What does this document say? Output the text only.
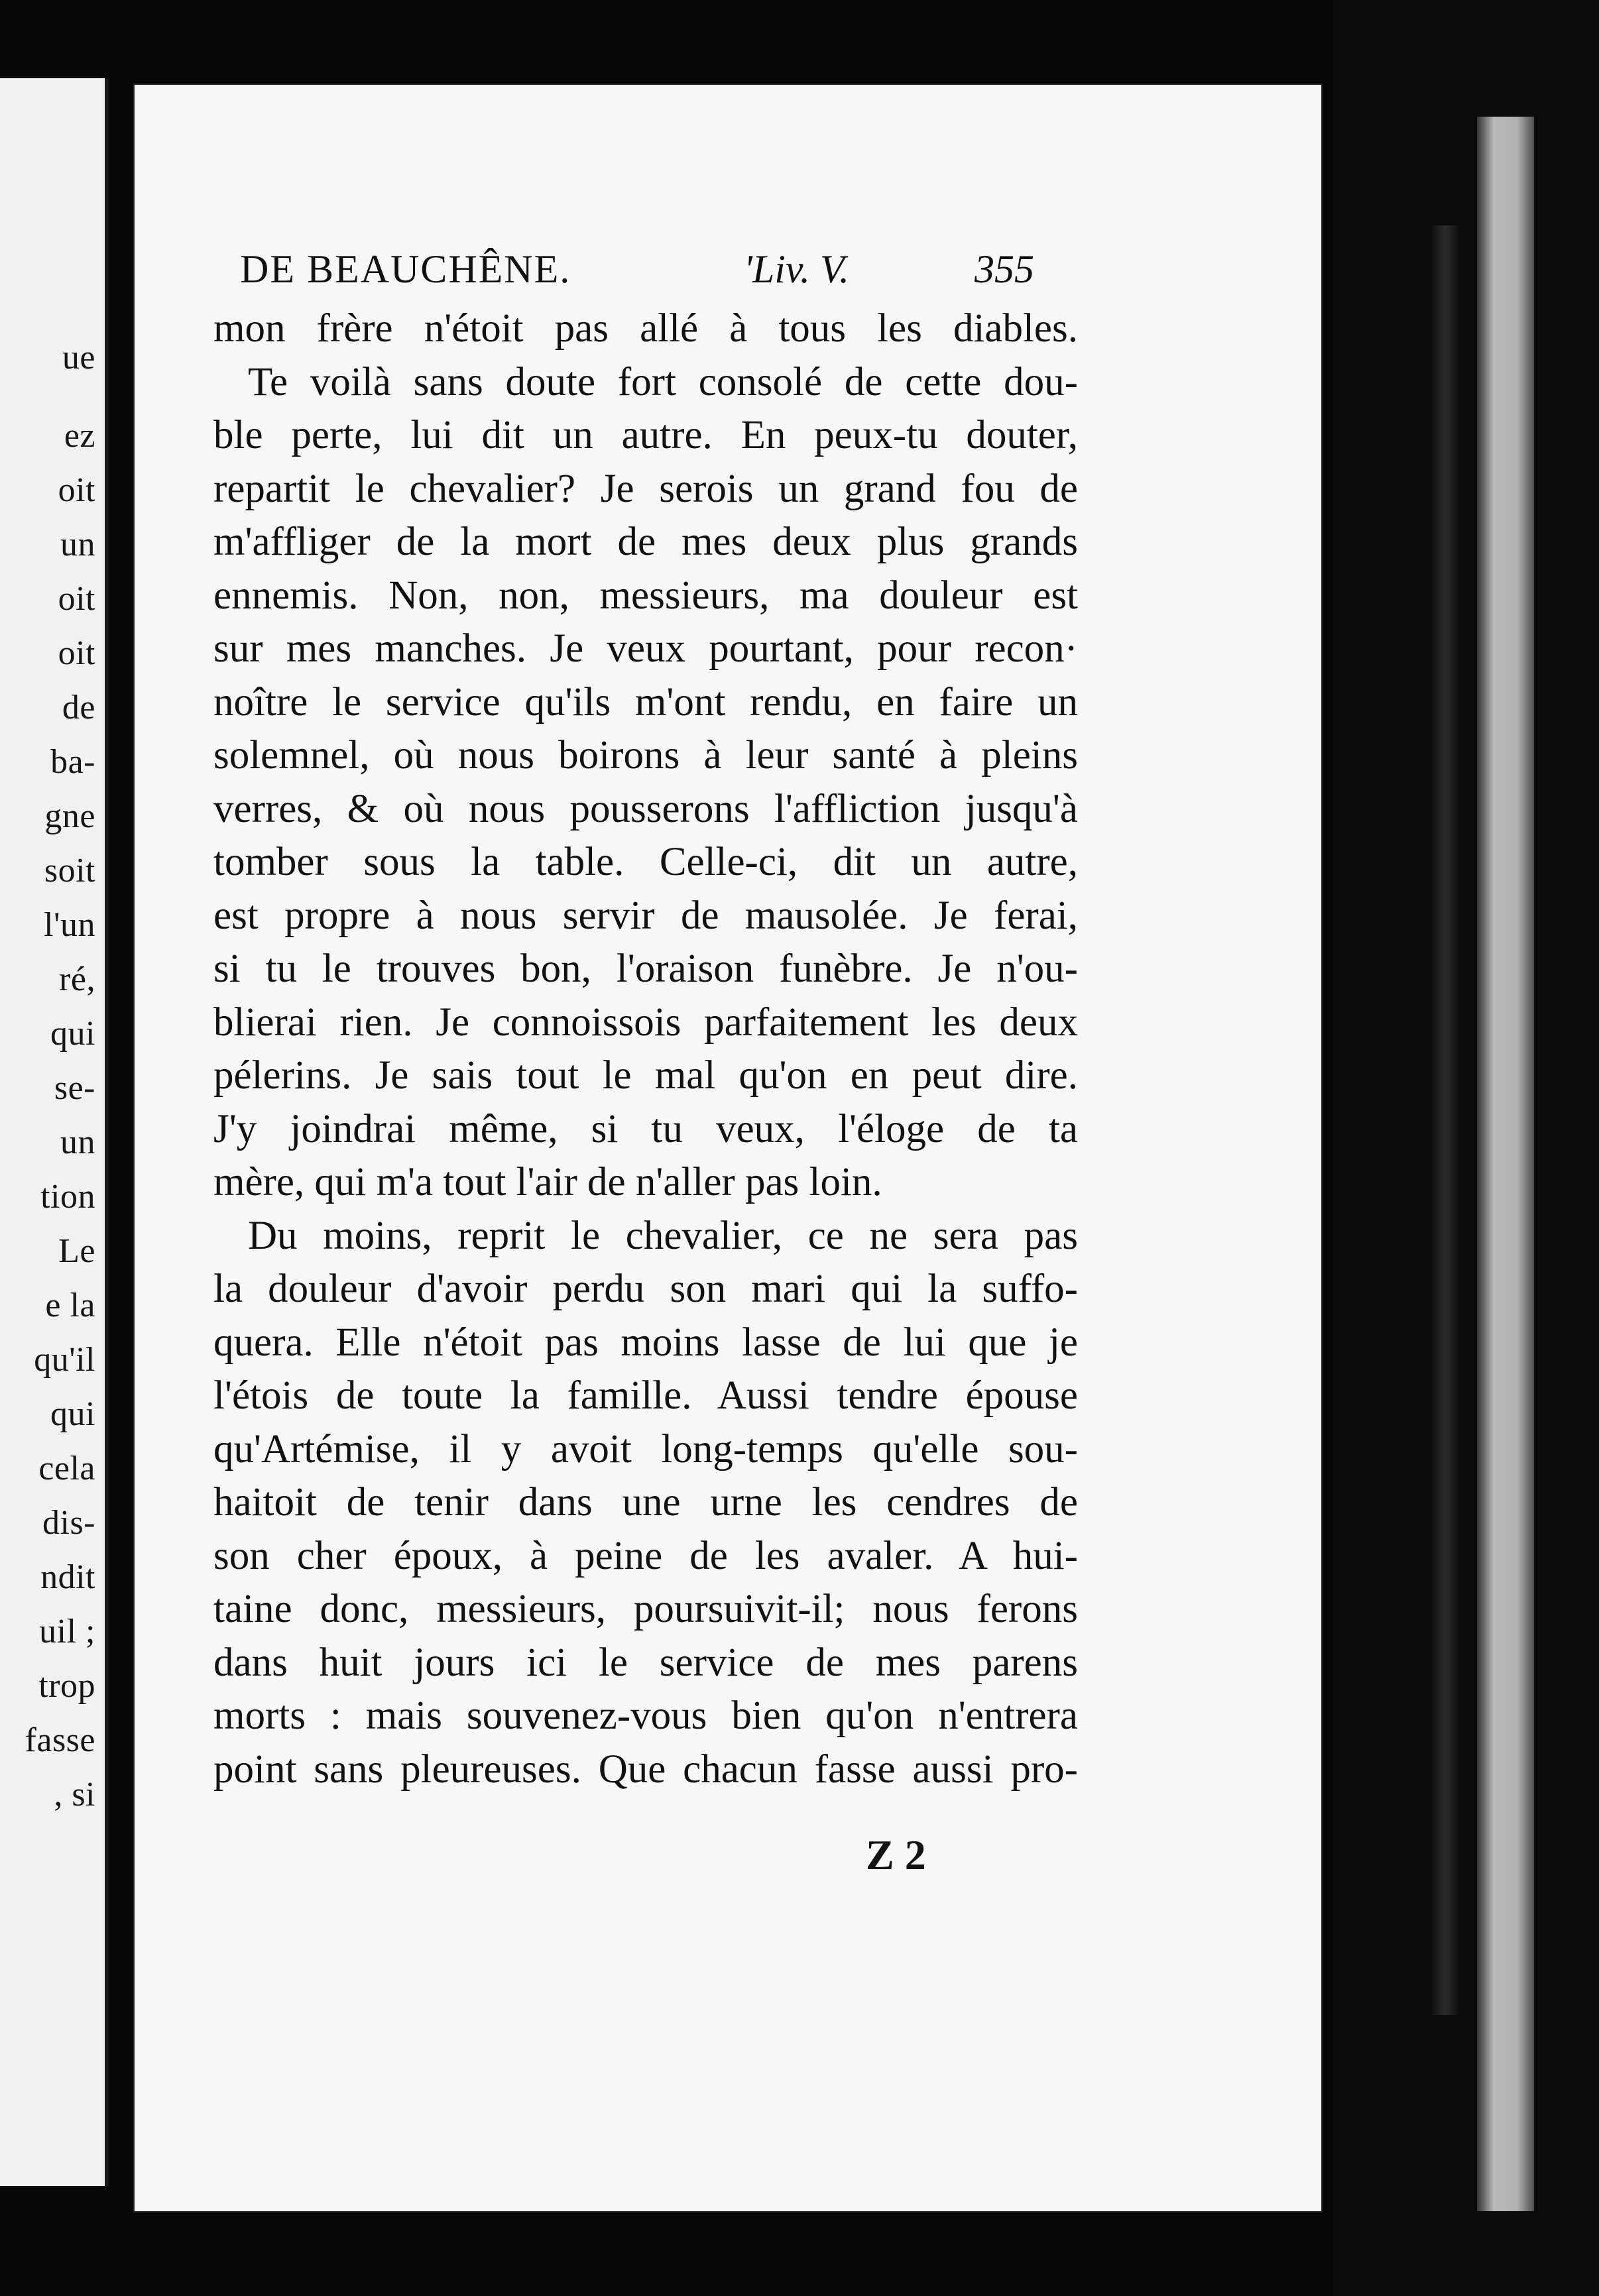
ue
ez
oit
un
oit
oit
de
ba-
gne
soit
l'un
ré,
qui
se-
un
tion
Le
e la
qu'il
qui
cela
dis-
ndit
uil ;
trop
fasse
, si
DE BEAUCHÊNE.	'Liv. V.	355
mon frère n'étoit pas allé à tous les diables.
Te voilà sans doute fort consolé de cette dou-
ble perte, lui dit un autre. En peux-tu douter,
repartit le chevalier? Je serois un grand fou de
m'affliger de la mort de mes deux plus grands
ennemis. Non, non, messieurs, ma douleur est
sur mes manches. Je veux pourtant, pour recon·
noître le service qu'ils m'ont rendu, en faire un
solemnel, où nous boirons à leur santé à pleins
verres, & où nous pousserons l'affliction jusqu'à
tomber sous la table. Celle-ci, dit un autre,
est propre à nous servir de mausolée. Je ferai,
si tu le trouves bon, l'oraison funèbre. Je n'ou-
blierai rien. Je connoissois parfaitement les deux
pélerins. Je sais tout le mal qu'on en peut dire.
J'y joindrai même, si tu veux, l'éloge de ta
mère, qui m'a tout l'air de n'aller pas loin.
Du moins, reprit le chevalier, ce ne sera pas
la douleur d'avoir perdu son mari qui la suffo-
quera. Elle n'étoit pas moins lasse de lui que je
l'étois de toute la famille. Aussi tendre épouse
qu'Artémise, il y avoit long-temps qu'elle sou-
haitoit de tenir dans une urne les cendres de
son cher époux, à peine de les avaler. A hui-
taine donc, messieurs, poursuivit-il; nous ferons
dans huit jours ici le service de mes parens
morts : mais souvenez-vous bien qu'on n'entrera
point sans pleureuses. Que chacun fasse aussi pro-
Z 2
